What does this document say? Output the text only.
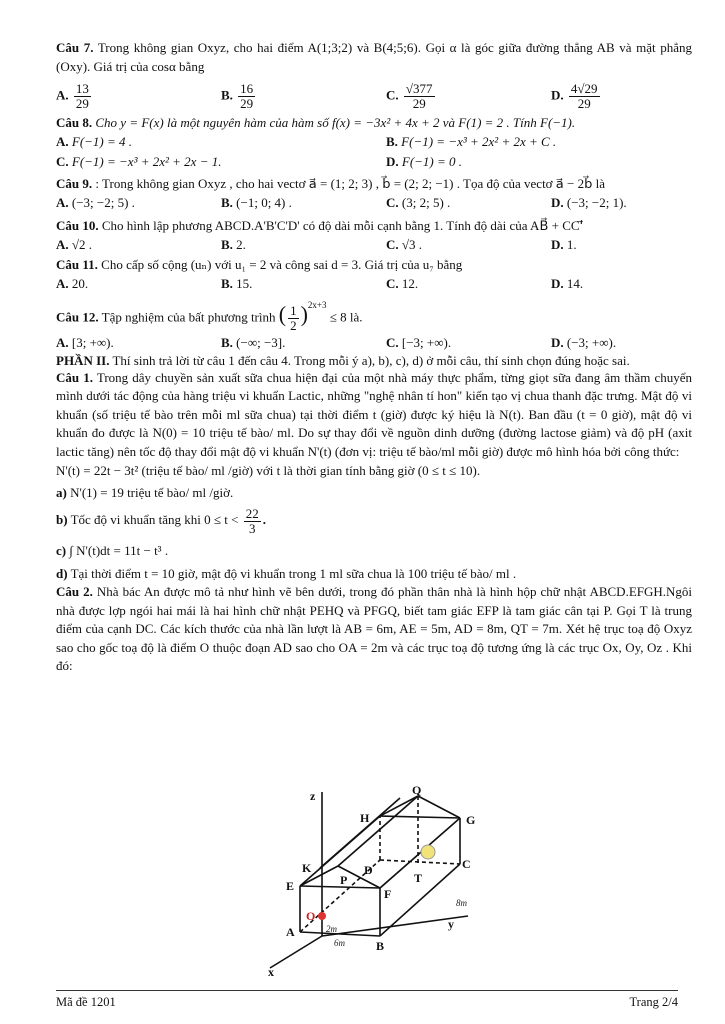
Câu 7. Trong không gian Oxyz, cho hai điểm A(1;3;2) và B(4;5;6). Gọi α là góc giữa đường thẳng AB và mặt phẳng (Oxy). Giá trị của cosα bằng

A. $\frac{13}{29}$	B. $\frac{16}{29}$	C. $\frac{√377}{29}$	D. $\frac{4√29}{29}$

Câu 8. Cho y = F(x) là một nguyên hàm của hàm số f(x) = −3x² + 4x + 2 và F(1) = 2 . Tính F(−1).

A. F(−1) = 4 .	B. F(−1) = −x³ + 2x² + 2x + C .
C. F(−1) = −x³ + 2x² + 2x − 1.	D. F(−1) = 0 .

Câu 9. : Trong không gian Oxyz , cho hai vectơ a⃗ = (1; 2; 3) , b⃗ = (2; 2; −1) . Tọa độ của vectơ a⃗ − 2b⃗ là

A. (−3; −2; 5) .	B. (−1; 0; 4) .	C. (3; 2; 5) .	D. (−3; −2; 1).

Câu 10. Cho hình lập phương ABCD.A'B'C'D' có độ dài mỗi cạnh bằng 1. Tính độ dài của AB⃗ + CC'⃗

A. √2 .	B. 2.	C. √3 .	D. 1.

Câu 11. Cho cấp số cộng (uₙ) với u₁ = 2 và công sai d = 3. Giá trị của u₇ bằng

A. 20.	B. 15.	C. 12.	D. 14.

Câu 12. Tập nghiệm của bất phương trình ( $\frac{1}{2} )^{2x+3} \le 8$ là.

A. [3; +∞).	B. (−∞; −3].	C. [−3; +∞).	D. (−3; +∞).

PHẦN II. Thí sinh trả lời từ câu 1 đến câu 4. Trong mỗi ý a), b), c), d) ở mỗi câu, thí sinh chọn đúng hoặc sai.

Câu 1. Trong dây chuyền sản xuất sữa chua hiện đại của một nhà máy thực phẩm, từng giọt sữa đang âm thầm chuyển mình dưới tác động của hàng triệu vi khuẩn Lactic, những "nghệ nhân tí hon" kiến tạo vị chua thanh đặc trưng. Mật độ vi khuẩn (số triệu tế bào trên mỗi ml sữa chua) tại thời điểm t (giờ) được ký hiệu là N(t). Ban đầu (t = 0 giờ), mật độ vi khuẩn đo được là N(0) = 10 triệu tế bào/ ml. Do sự thay đổi về nguồn dinh dưỡng (đường lactose giảm) và độ pH (axit lactic tăng) nên tốc độ thay đổi mật độ vi khuẩn N'(t) (đơn vị: triệu tế bào/ml mỗi giờ) được mô hình hóa bởi công thức:

N'(t) = 22t − 3t² (triệu tế bào/ ml /giờ) với t là thời gian tính bằng giờ (0 ≤ t ≤ 10).

a) N'(1) = 19 triệu tế bào/ ml /giờ.

b) Tốc độ vi khuẩn tăng khi $0 \le t < \frac{22}{3}$ .

c) ∫ N'(t)dt = 11t − t³ .

d) Tại thời điểm t = 10 giờ, mật độ vi khuẩn trong 1 ml sữa chua là 100 triệu tế bào/ ml .

Câu 2. Nhà bác An được mô tả như hình vẽ bên dưới, trong đó phần thân nhà là hình hộp chữ nhật ABCD.EFGH.Ngôi nhà được lợp ngói hai mái là hai hình chữ nhật PEHQ và PFGQ, biết tam giác EFP là tam giác cân tại P. Gọi T là trung điểm của cạnh DC. Các kích thước của nhà lần lượt là AB = 6m, AE = 5m, AD = 8m, QT = 7m. Xét hệ trục toạ độ Oxyz sao cho gốc toạ độ là điểm O thuộc đoạn AD sao cho OA = 2m và các trục toạ độ tương ứng là các trục Ox, Oy, Oz . Khi đó:

z	Q
H	G
K
P
D	C
T
E
F
O
A
B
x
y
2m
6m
8m
Mã đề 1201	Trang 2/4
